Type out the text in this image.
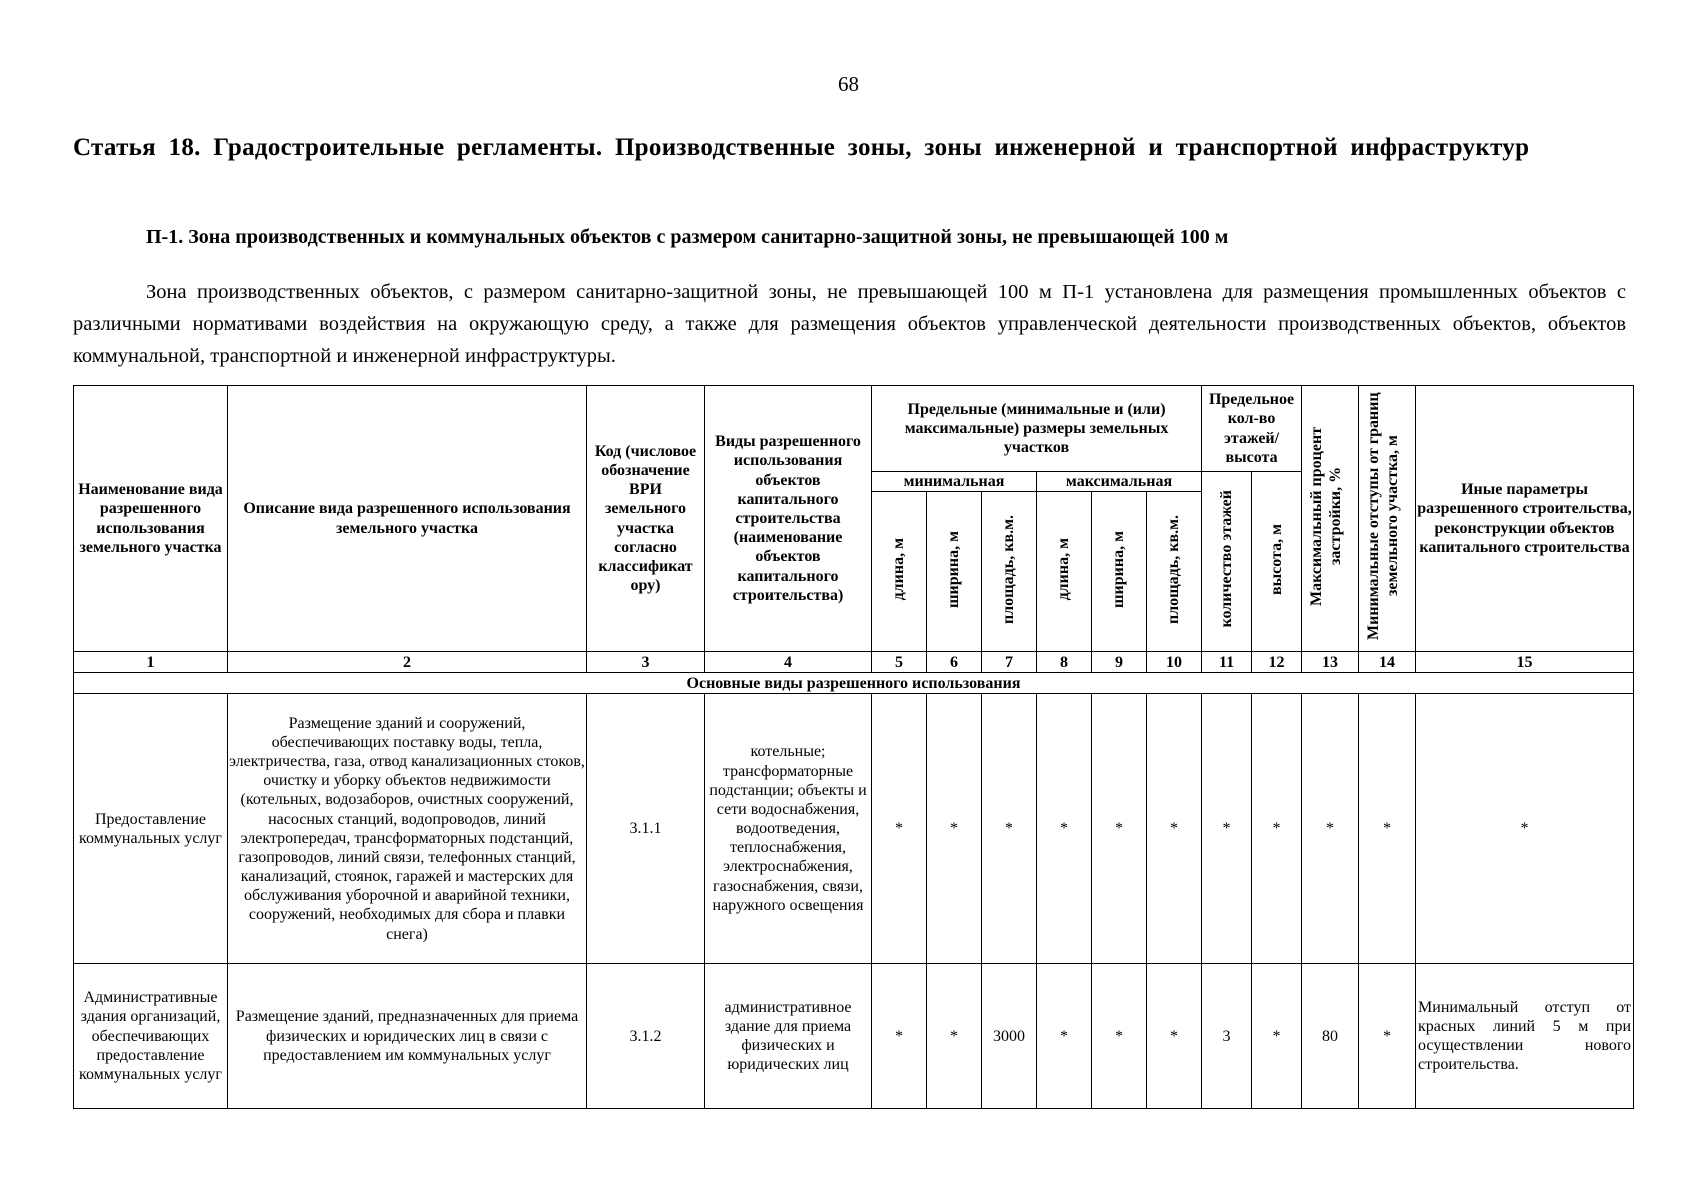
68
Статья 18. Градостроительные регламенты. Производственные зоны, зоны инженерной и транспортной инфраструктур
П-1. Зона производственных и коммунальных объектов с размером санитарно-защитной зоны, не превышающей 100 м
Зона производственных объектов, с размером санитарно-защитной зоны, не превышающей 100 м П-1 установлена для размещения промышленных объектов с различными нормативами воздействия на окружающую среду, а также для размещения объектов управленческой деятельности производственных объектов, объектов коммунальной, транспортной и инженерной инфраструктуры.
Наименование вида разрешенного использования земельного участка	Описание вида разрешенного использования земельного участка	Код (числовое обозначение ВРИ земельного участка согласно классификат ору)	Виды разрешенного использования объектов капитального строительства (наименование объектов капитального строительства)	Предельные (минимальные и (или) максимальные) размеры земельных участков						Предельное кол-во этажей/ высота		Максимальный процент застройки, %	Минимальные отступы от границ земельного участка, м	Иные параметры разрешенного строительства, реконструкции объектов капитального строительства
				минимальная			максимальная			количество этажей	высота, м			
				длина, м	ширина, м	площадь, кв.м.	длина, м	ширина, м	площадь, кв.м.					
1	2	3	4	5	6	7	8	9	10	11	12	13	14	15
Основные виды разрешенного использования														
Предоставление коммунальных услуг	Размещение зданий и сооружений, обеспечивающих поставку воды, тепла, электричества, газа, отвод канализационных стоков, очистку и уборку объектов недвижимости (котельных, водозаборов, очистных сооружений, насосных станций, водопроводов, линий электропередач, трансформаторных подстанций, газопроводов, линий связи, телефонных станций, канализаций, стоянок, гаражей и мастерских для обслуживания уборочной и аварийной техники, сооружений, необходимых для сбора и плавки снега)	3.1.1	котельные; трансформаторные подстанции; объекты и сети водоснабжения, водоотведения, теплоснабжения, электроснабжения, газоснабжения, связи, наружного освещения	*	*	*	*	*	*	*	*	*	*	*
Административные здания организаций, обеспечивающих предоставление коммунальных услуг	Размещение зданий, предназначенных для приема физических и юридических лиц в связи с предоставлением им коммунальных услуг	3.1.2	административное здание для приема физических и юридических лиц	*	*	3000	*	*	*	3	*	80	*	Минимальный отступ от красных линий 5 м при осуществлении нового строительства.
